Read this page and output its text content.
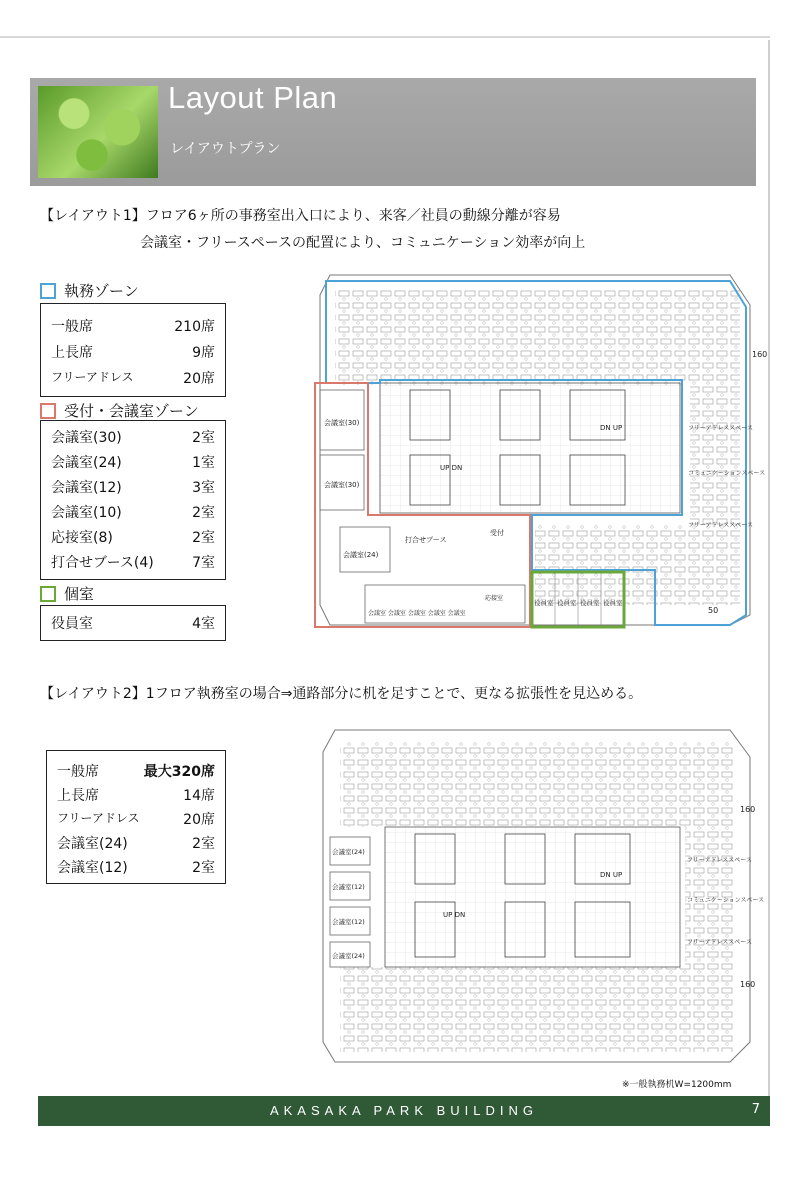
Layout Plan
レイアウトプラン
【レイアウト1】フロア6ヶ所の事務室出入口により、来客／社員の動線分離が容易
会議室・フリースペースの配置により、コミュニケーション効率が向上
執務ゾーン
一般席	210席
上長席	9席
フリーアドレス	20席
受付・会議室ゾーン
会議室(30)	2室
会議室(24)	1室
会議室(12)	3室
会議室(10)	2室
応接室(8)	2室
打合せブース(4)	7室
個室
役員室	4室
会議室(30)
会議室(30)
会議室(24)
打合せブース
受付
応接室
会議室 会議室 会議室 会議室 会議室
役員室 役員室 役員室 役員室
フリーアドレススペース
コミュニケーションスペース
フリーアドレススペース
DN UP
UP DN
160
50
【レイアウト2】1フロア執務室の場合⇒通路部分に机を足すことで、更なる拡張性を見込める。
一般席	最大320席
上長席	14席
フリーアドレス	20席
会議室(24)	2室
会議室(12)	2室
会議室(24)
会議室(12)
会議室(12)
会議室(24)
フリーアドレススペース
コミュニケーションスペース
フリーアドレススペース
DN UP
UP DN
160
160
※一般執務机W=1200mm
AKASAKA PARK BUILDING	7
